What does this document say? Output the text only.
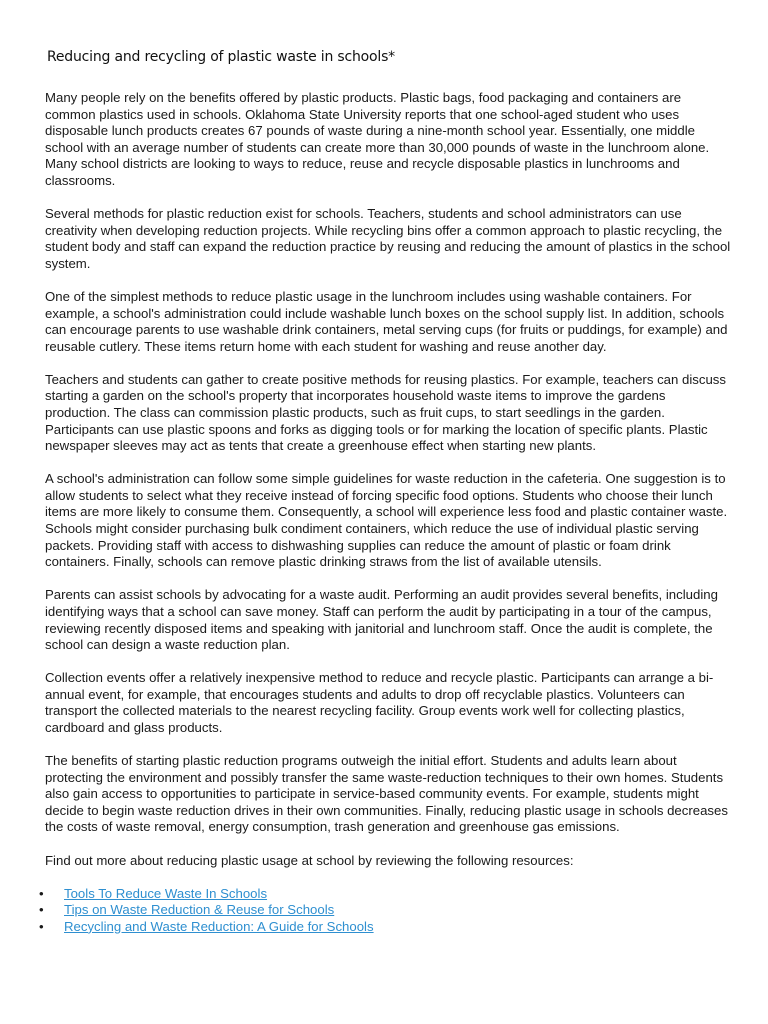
Reducing and recycling of plastic waste in schools*

Many people rely on the benefits offered by plastic products. Plastic bags, food packaging and containers are common plastics used in schools. Oklahoma State University reports that one school-aged student who uses disposable lunch products creates 67 pounds of waste during a nine-month school year. Essentially, one middle school with an average number of students can create more than 30,000 pounds of waste in the lunchroom alone. Many school districts are looking to ways to reduce, reuse and recycle disposable plastics in lunchrooms and classrooms.

Several methods for plastic reduction exist for schools. Teachers, students and school administrators can use creativity when developing reduction projects. While recycling bins offer a common approach to plastic recycling, the student body and staff can expand the reduction practice by reusing and reducing the amount of plastics in the school system.

One of the simplest methods to reduce plastic usage in the lunchroom includes using washable containers. For example, a school's administration could include washable lunch boxes on the school supply list. In addition, schools can encourage parents to use washable drink containers, metal serving cups (for fruits or puddings, for example) and reusable cutlery. These items return home with each student for washing and reuse another day.

Teachers and students can gather to create positive methods for reusing plastics. For example, teachers can discuss starting a garden on the school's property that incorporates household waste items to improve the gardens production. The class can commission plastic products, such as fruit cups, to start seedlings in the garden. Participants can use plastic spoons and forks as digging tools or for marking the location of specific plants. Plastic newspaper sleeves may act as tents that create a greenhouse effect when starting new plants.

A school's administration can follow some simple guidelines for waste reduction in the cafeteria. One suggestion is to allow students to select what they receive instead of forcing specific food options. Students who choose their lunch items are more likely to consume them. Consequently, a school will experience less food and plastic container waste. Schools might consider purchasing bulk condiment containers, which reduce the use of individual plastic serving packets. Providing staff with access to dishwashing supplies can reduce the amount of plastic or foam drink containers. Finally, schools can remove plastic drinking straws from the list of available utensils.

Parents can assist schools by advocating for a waste audit. Performing an audit provides several benefits, including identifying ways that a school can save money. Staff can perform the audit by participating in a tour of the campus, reviewing recently disposed items and speaking with janitorial and lunchroom staff. Once the audit is complete, the school can design a waste reduction plan.

Collection events offer a relatively inexpensive method to reduce and recycle plastic. Participants can arrange a bi-annual event, for example, that encourages students and adults to drop off recyclable plastics. Volunteers can transport the collected materials to the nearest recycling facility. Group events work well for collecting plastics, cardboard and glass products.

The benefits of starting plastic reduction programs outweigh the initial effort. Students and adults learn about protecting the environment and possibly transfer the same waste-reduction techniques to their own homes. Students also gain access to opportunities to participate in service-based community events. For example, students might decide to begin waste reduction drives in their own communities. Finally, reducing plastic usage in schools decreases the costs of waste removal, energy consumption, trash generation and greenhouse gas emissions.

Find out more about reducing plastic usage at school by reviewing the following resources:

• Tools To Reduce Waste In Schools
• Tips on Waste Reduction & Reuse for Schools
• Recycling and Waste Reduction: A Guide for Schools
